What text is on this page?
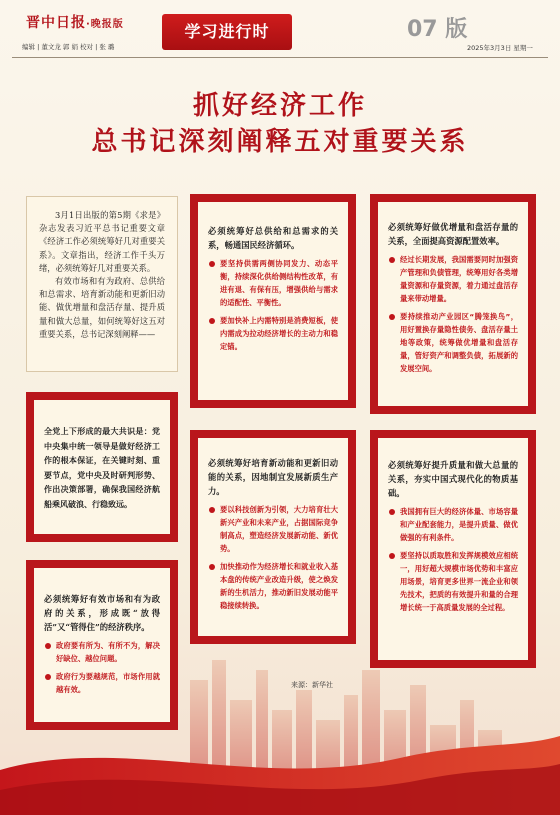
晋中日报·晚报版
编辑 | 董文龙 郭 娟 校对 | 张 璐
学习进行时	07 版
2025年3月3日 星期一
抓好经济工作
总书记深刻阐释五对重要关系

3月1日出版的第5期《求是》杂志发表习近平总书记重要文章《经济工作必须统筹好几对重要关系》。文章指出，经济工作千头万绪，必须统筹好几对重要关系。

有效市场和有为政府、总供给和总需求、培育新动能和更新旧动能、做优增量和盘活存量、提升质量和做大总量，如何统筹好这五对重要关系，总书记深刻阐释——

全党上下形成的最大共识是：党中央集中统一领导是做好经济工作的根本保证，在关键时刻、重要节点，党中央及时研判形势、作出决策部署，确保我国经济航船乘风破浪、行稳致远。
必须统筹好有效市场和有为政府的关系，形成既“放得活”又“管得住”的经济秩序。
政府要有所为、有所不为，解决好缺位、越位问题。
政府行为要越规范，市场作用就越有效。
必须统筹好总供给和总需求的关系，畅通国民经济循环。
要坚持供需两侧协同发力、动态平衡，持续深化供给侧结构性改革，有进有退、有保有压，增强供给与需求的适配性、平衡性。
要加快补上内需特别是消费短板，使内需成为拉动经济增长的主动力和稳定锚。
必须统筹好培育新动能和更新旧动能的关系，因地制宜发展新质生产力。
要以科技创新为引领，大力培育壮大新兴产业和未来产业，占据国际竞争制高点，塑造经济发展新动能、新优势。
加快推动作为经济增长和就业收入基本盘的传统产业改造升级，使之焕发新的生机活力，推动新旧发展动能平稳接续转换。
必须统筹好做优增量和盘活存量的关系，全面提高资源配置效率。
经过长期发展，我国需要同时加强资产管理和负债管理，统筹用好各类增量资源和存量资源，着力通过盘活存量来带动增量。
要持续推动产业园区“腾笼换鸟”，用好置换存量隐性债务、盘活存量土地等政策，统筹做优增量和盘活存量，管好资产和调整负债，拓展新的发展空间。
必须统筹好提升质量和做大总量的关系，夯实中国式现代化的物质基础。
我国拥有巨大的经济体量、市场容量和产业配套能力，是提升质量、做优做强的有利条件。
要坚持以质取胜和发挥规模效应相统一，用好超大规模市场优势和丰富应用场景，培育更多世界一流企业和领先技术，把质的有效提升和量的合理增长统一于高质量发展的全过程。
来源：新华社
